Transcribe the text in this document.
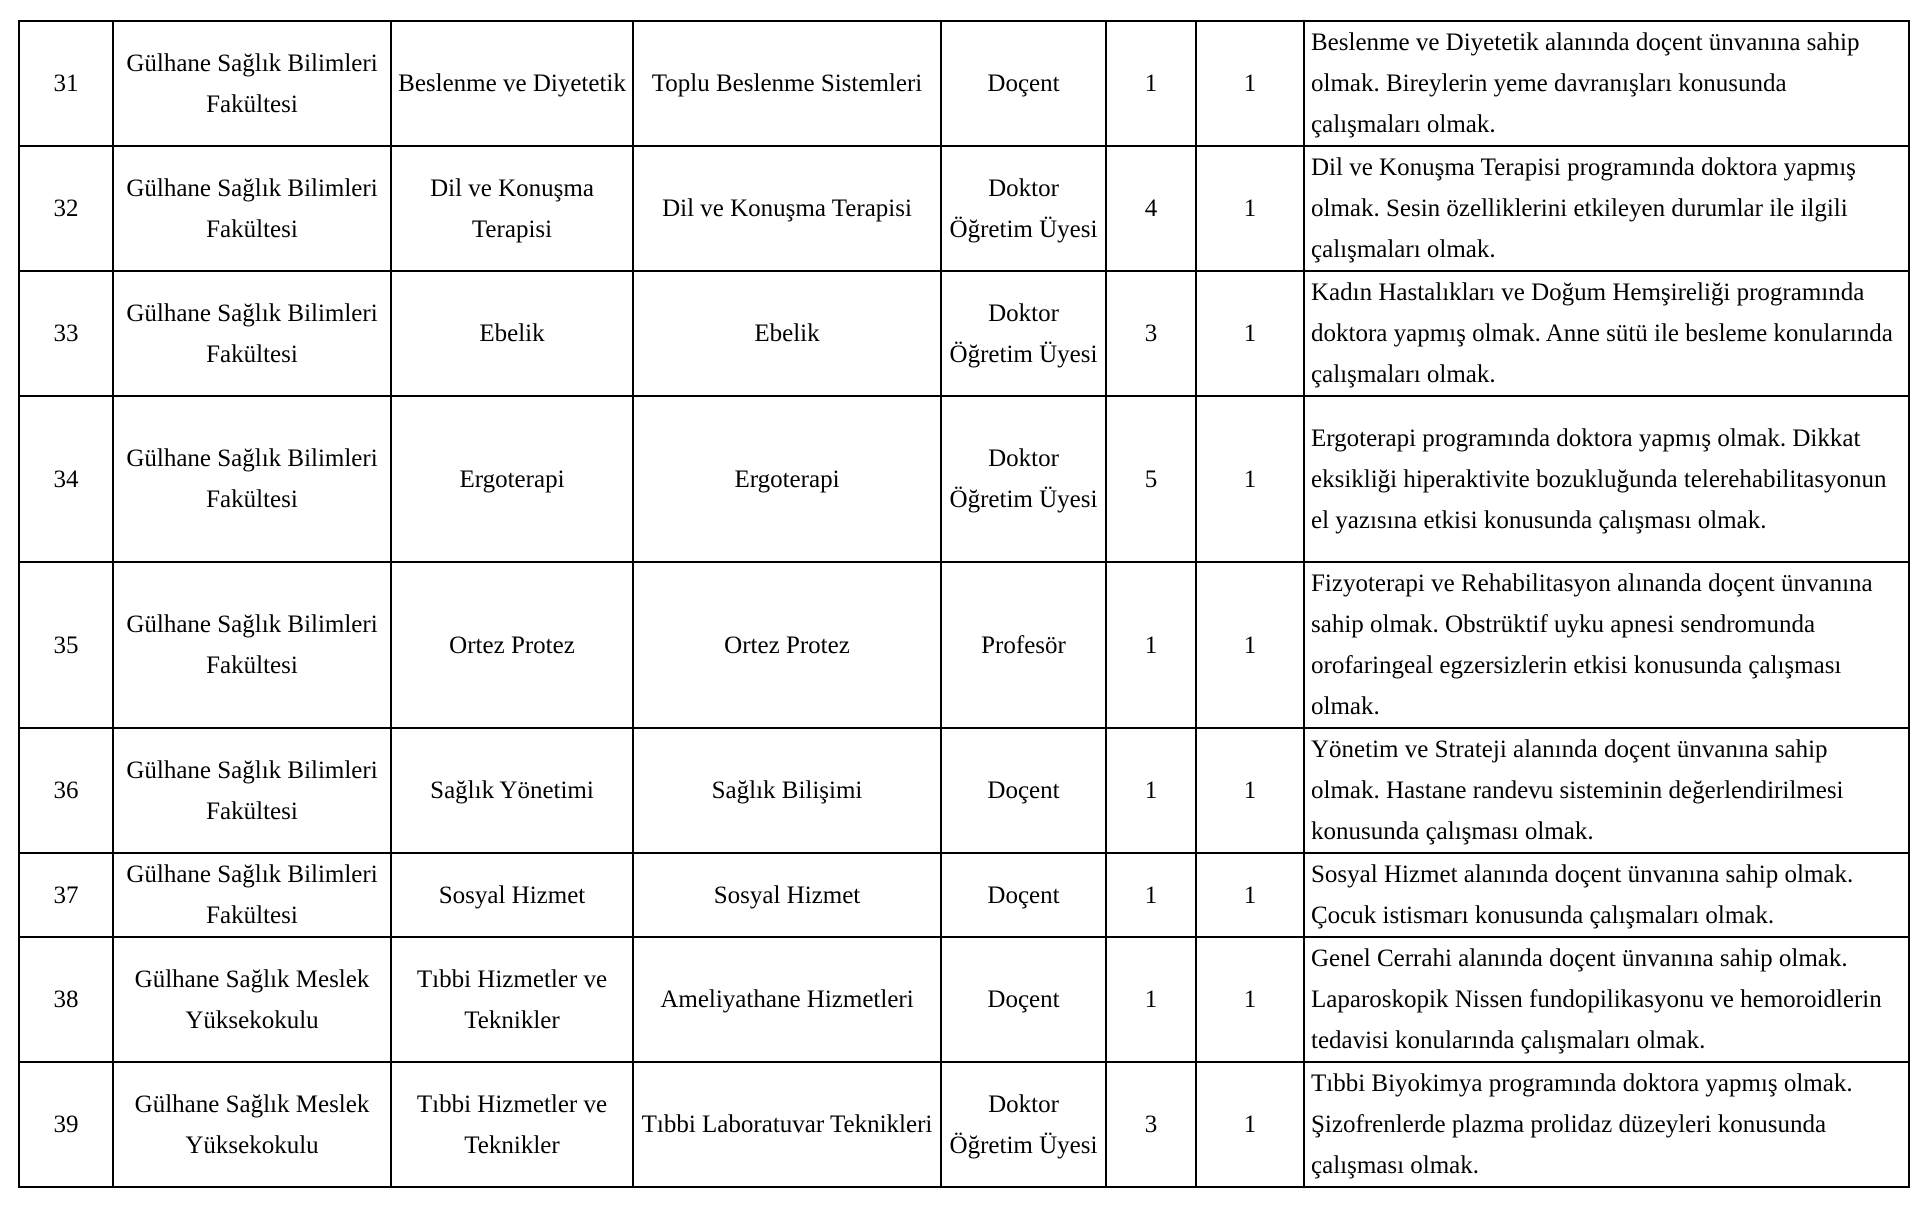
31	Gülhane Sağlık Bilimleri Fakültesi	Beslenme ve Diyetetik	Toplu Beslenme Sistemleri	Doçent	1	1	Beslenme ve Diyetetik alanında doçent ünvanına sahip olmak. Bireylerin yeme davranışları konusunda çalışmaları olmak.
32	Gülhane Sağlık Bilimleri Fakültesi	Dil ve Konuşma Terapisi	Dil ve Konuşma Terapisi	Doktor Öğretim Üyesi	4	1	Dil ve Konuşma Terapisi programında doktora yapmış olmak. Sesin özelliklerini etkileyen durumlar ile ilgili çalışmaları olmak.
33	Gülhane Sağlık Bilimleri Fakültesi	Ebelik	Ebelik	Doktor Öğretim Üyesi	3	1	Kadın Hastalıkları ve Doğum Hemşireliği programında doktora yapmış olmak. Anne sütü ile besleme konularında çalışmaları olmak.
34	Gülhane Sağlık Bilimleri Fakültesi	Ergoterapi	Ergoterapi	Doktor Öğretim Üyesi	5	1	Ergoterapi programında doktora yapmış olmak. Dikkat eksikliği hiperaktivite bozukluğunda telerehabilitasyonun el yazısına etkisi konusunda çalışması olmak.
35	Gülhane Sağlık Bilimleri Fakültesi	Ortez Protez	Ortez Protez	Profesör	1	1	Fizyoterapi ve Rehabilitasyon alınanda doçent ünvanına sahip olmak. Obstrüktif uyku apnesi sendromunda orofaringeal egzersizlerin etkisi konusunda çalışması olmak.
36	Gülhane Sağlık Bilimleri Fakültesi	Sağlık Yönetimi	Sağlık Bilişimi	Doçent	1	1	Yönetim ve Strateji alanında doçent ünvanına sahip olmak. Hastane randevu sisteminin değerlendirilmesi konusunda çalışması olmak.
37	Gülhane Sağlık Bilimleri Fakültesi	Sosyal Hizmet	Sosyal Hizmet	Doçent	1	1	Sosyal Hizmet alanında doçent ünvanına sahip olmak. Çocuk istismarı konusunda çalışmaları olmak.
38	Gülhane Sağlık Meslek Yüksekokulu	Tıbbi Hizmetler ve Teknikler	Ameliyathane Hizmetleri	Doçent	1	1	Genel Cerrahi alanında doçent ünvanına sahip olmak. Laparoskopik Nissen fundopilikasyonu ve hemoroidlerin tedavisi konularında çalışmaları olmak.
39	Gülhane Sağlık Meslek Yüksekokulu	Tıbbi Hizmetler ve Teknikler	Tıbbi Laboratuvar Teknikleri	Doktor Öğretim Üyesi	3	1	Tıbbi Biyokimya programında doktora yapmış olmak. Şizofrenlerde plazma prolidaz düzeyleri konusunda çalışması olmak.
